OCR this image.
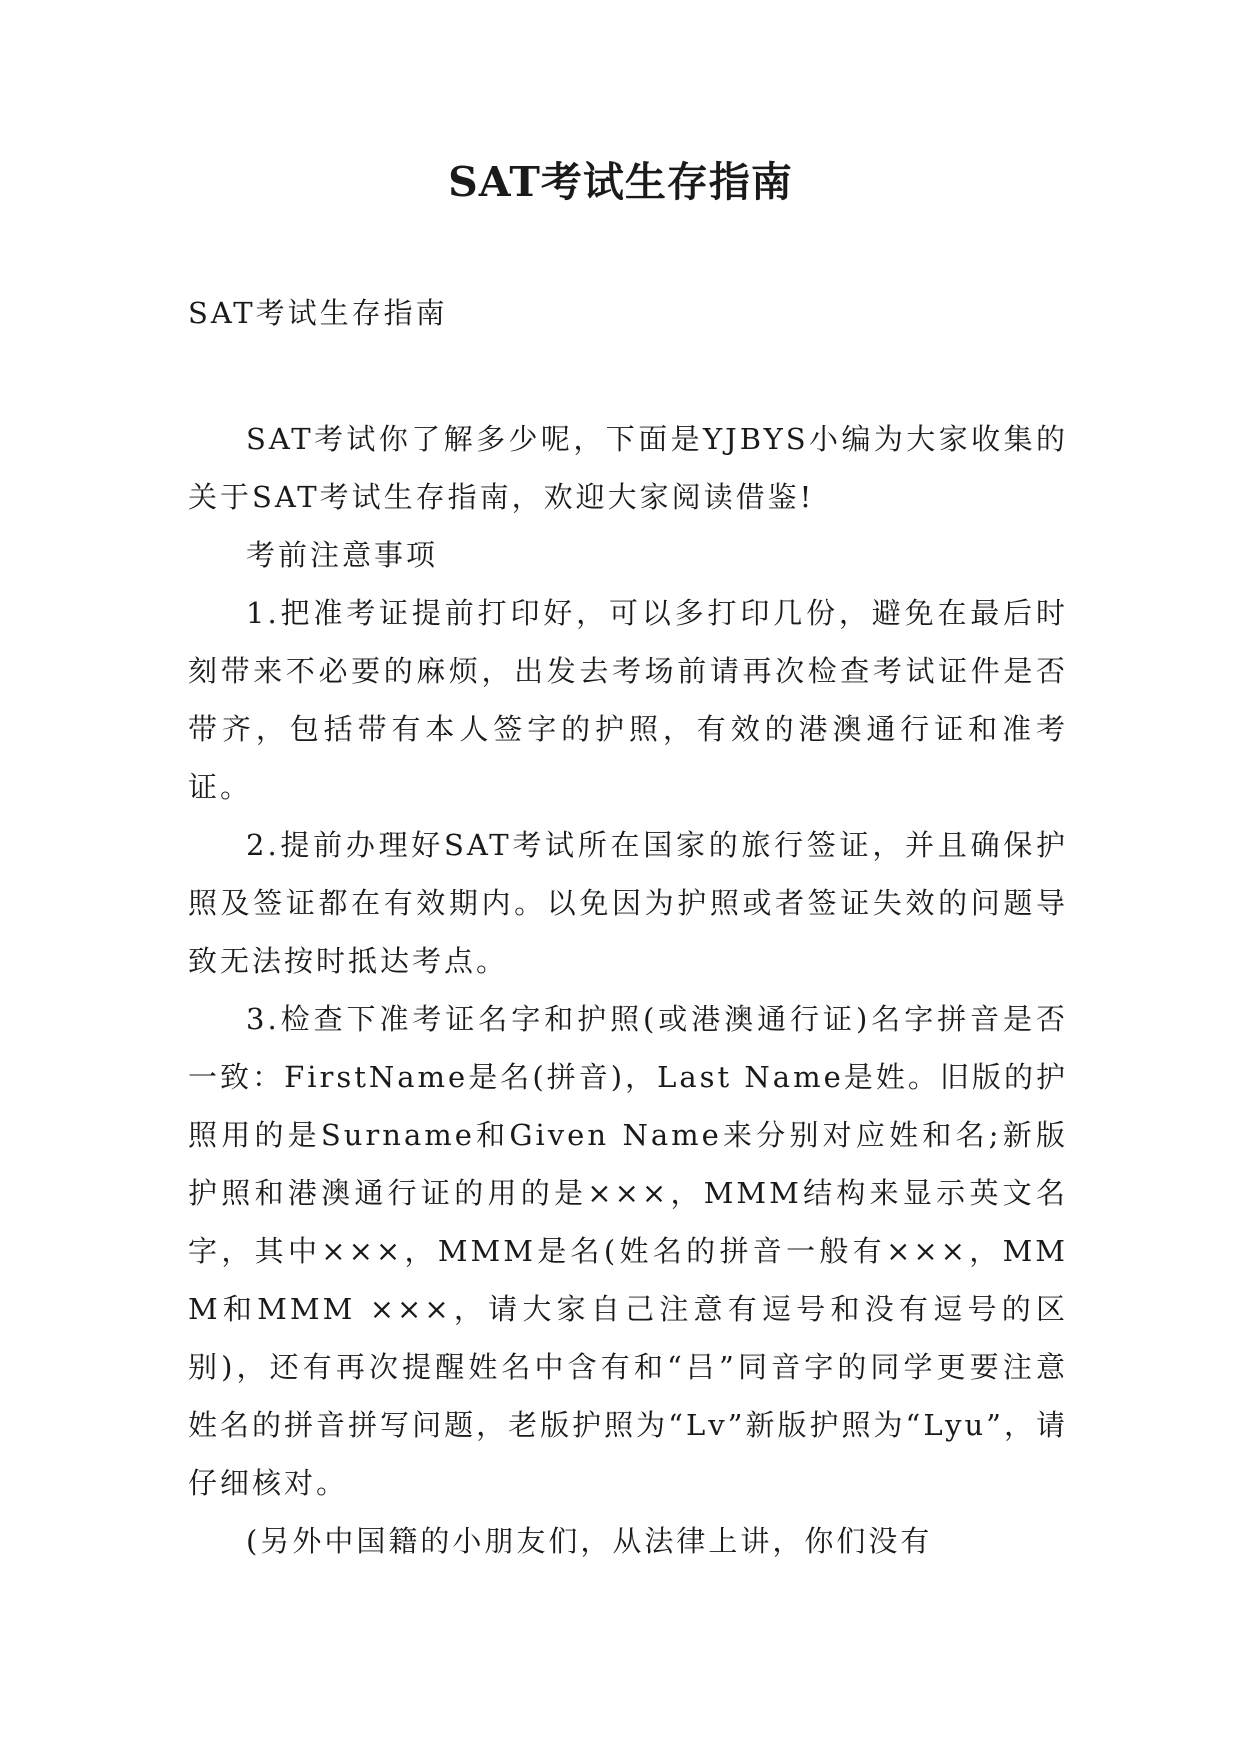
SAT考试生存指南
SAT考试生存指南

SAT考试你了解多少呢，下面是YJBYS小编为大家收集的关于SAT考试生存指南，欢迎大家阅读借鉴!

考前注意事项

1.把准考证提前打印好，可以多打印几份，避免在最后时刻带来不必要的麻烦，出发去考场前请再次检查考试证件是否带齐，包括带有本人签字的护照，有效的港澳通行证和准考证。

2.提前办理好SAT考试所在国家的旅行签证，并且确保护照及签证都在有效期内。以免因为护照或者签证失效的问题导致无法按时抵达考点。

3.检查下准考证名字和护照(或港澳通行证)名字拼音是否一致：FirstName是名(拼音)，Last Name是姓。旧版的护照用的是Surname和Given Name来分别对应姓和名;新版护照和港澳通行证的用的是×××，MMM结构来显示英文名字，其中×××，MMM是名(姓名的拼音一般有×××，MMM和MMM ×××，请大家自己注意有逗号和没有逗号的区别)，还有再次提醒姓名中含有和“吕”同音字的同学更要注意姓名的拼音拼写问题，老版护照为“Lv”新版护照为“Lyu”，请仔细核对。

(另外中国籍的小朋友们，从法律上讲，你们没有
